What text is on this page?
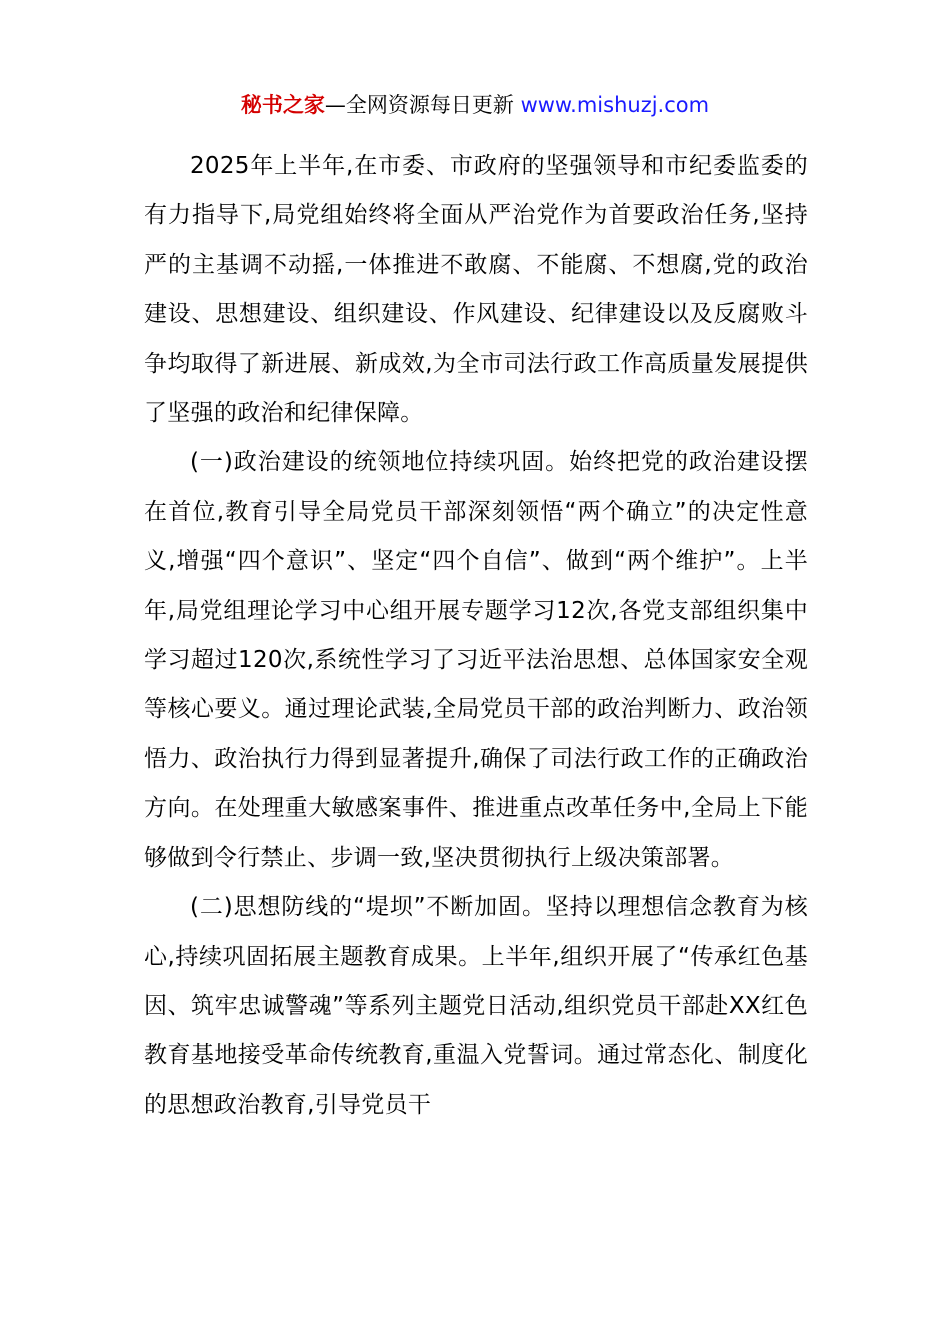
秘书之家—全网资源每日更新 www.mishuzj.com

2025年上半年,在市委、市政府的坚强领导和市纪委监委的有力指导下,局党组始终将全面从严治党作为首要政治任务,坚持严的主基调不动摇,一体推进不敢腐、不能腐、不想腐,党的政治建设、思想建设、组织建设、作风建设、纪律建设以及反腐败斗争均取得了新进展、新成效,为全市司法行政工作高质量发展提供了坚强的政治和纪律保障。

(一)政治建设的统领地位持续巩固。始终把党的政治建设摆在首位,教育引导全局党员干部深刻领悟“两个确立”的决定性意义,增强“四个意识”、坚定“四个自信”、做到“两个维护”。上半年,局党组理论学习中心组开展专题学习12次,各党支部组织集中学习超过120次,系统性学习了习近平法治思想、总体国家安全观等核心要义。通过理论武装,全局党员干部的政治判断力、政治领悟力、政治执行力得到显著提升,确保了司法行政工作的正确政治方向。在处理重大敏感案事件、推进重点改革任务中,全局上下能够做到令行禁止、步调一致,坚决贯彻执行上级决策部署。

(二)思想防线的“堤坝”不断加固。坚持以理想信念教育为核心,持续巩固拓展主题教育成果。上半年,组织开展了“传承红色基因、筑牢忠诚警魂”等系列主题党日活动,组织党员干部赴XX红色教育基地接受革命传统教育,重温入党誓词。通过常态化、制度化的思想政治教育,引导党员干
